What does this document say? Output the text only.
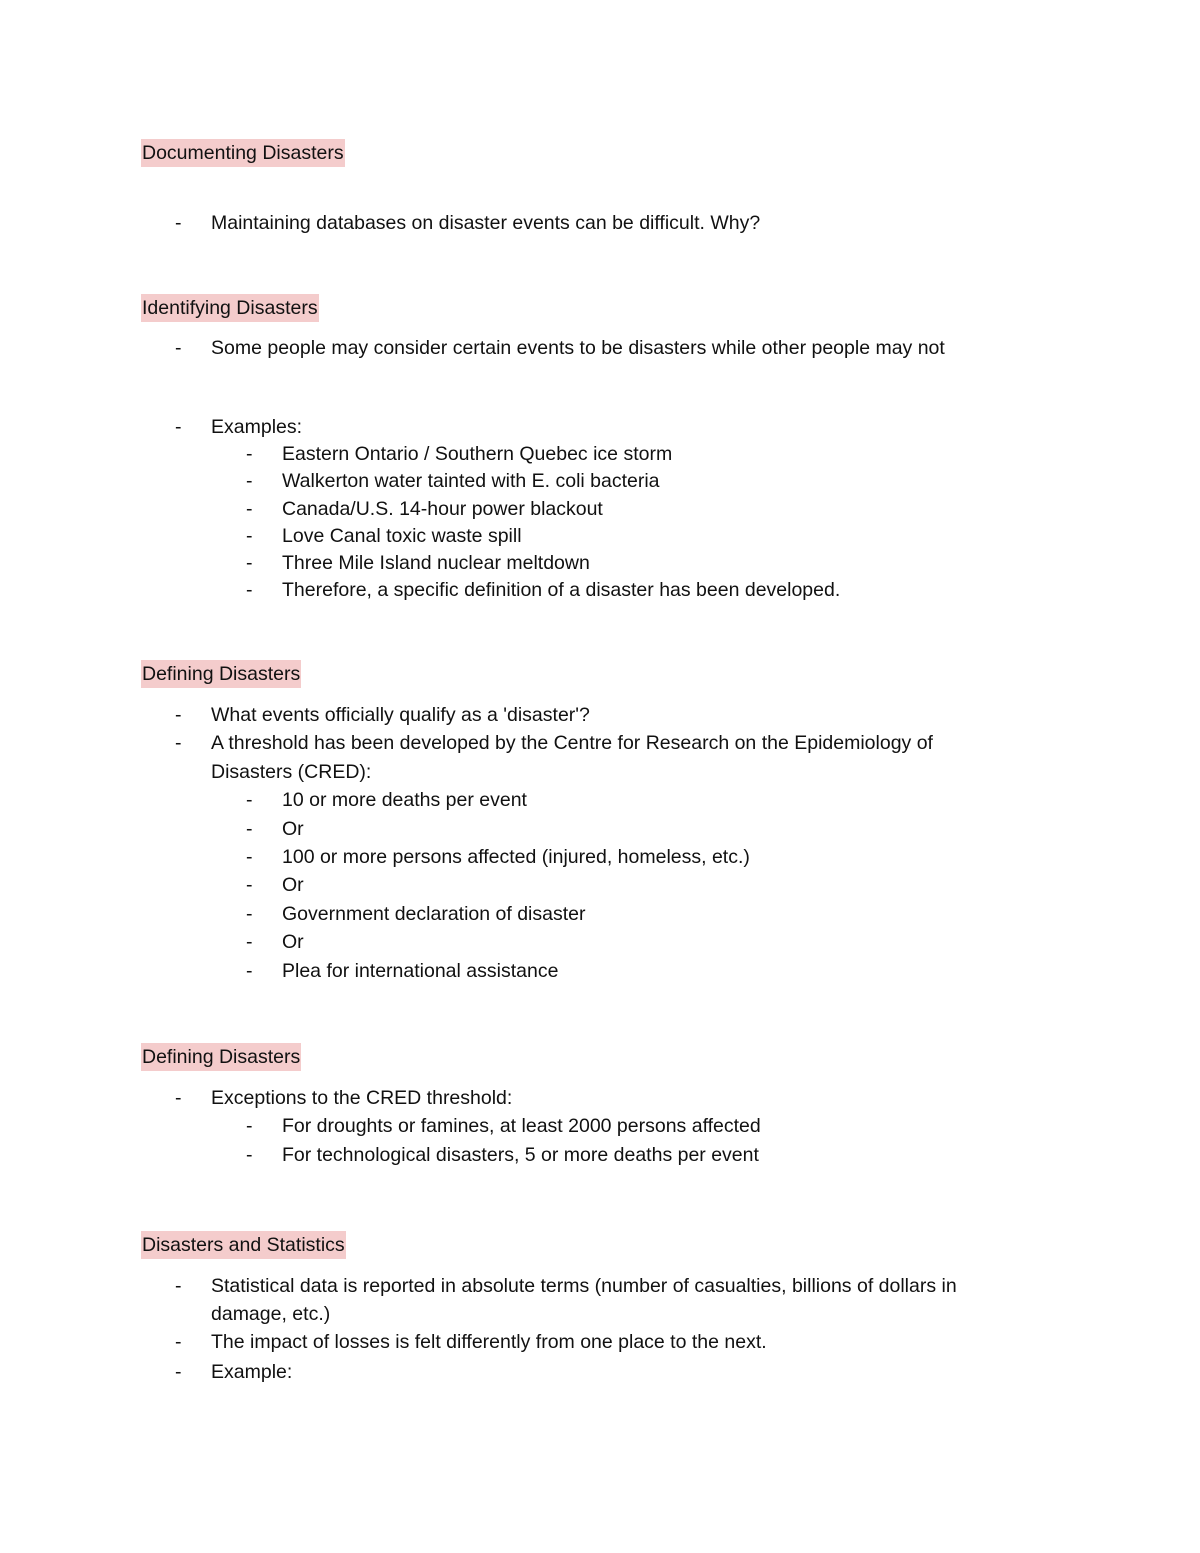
Documenting Disasters
- Maintaining databases on disaster events can be difficult. Why?
Identifying Disasters
- Some people may consider certain events to be disasters while other people may not
- Examples:
- Eastern Ontario / Southern Quebec ice storm
- Walkerton water tainted with E. coli bacteria
- Canada/U.S. 14-hour power blackout
- Love Canal toxic waste spill
- Three Mile Island nuclear meltdown
- Therefore, a specific definition of a disaster has been developed.
Defining Disasters
- What events officially qualify as a 'disaster'?
- A threshold has been developed by the Centre for Research on the Epidemiology of
Disasters (CRED):
- 10 or more deaths per event
- Or
- 100 or more persons affected (injured, homeless, etc.)
- Or
- Government declaration of disaster
- Or
- Plea for international assistance
Defining Disasters
- Exceptions to the CRED threshold:
- For droughts or famines, at least 2000 persons affected
- For technological disasters, 5 or more deaths per event
Disasters and Statistics
- Statistical data is reported in absolute terms (number of casualties, billions of dollars in
damage, etc.)
- The impact of losses is felt differently from one place to the next.
- Example:
